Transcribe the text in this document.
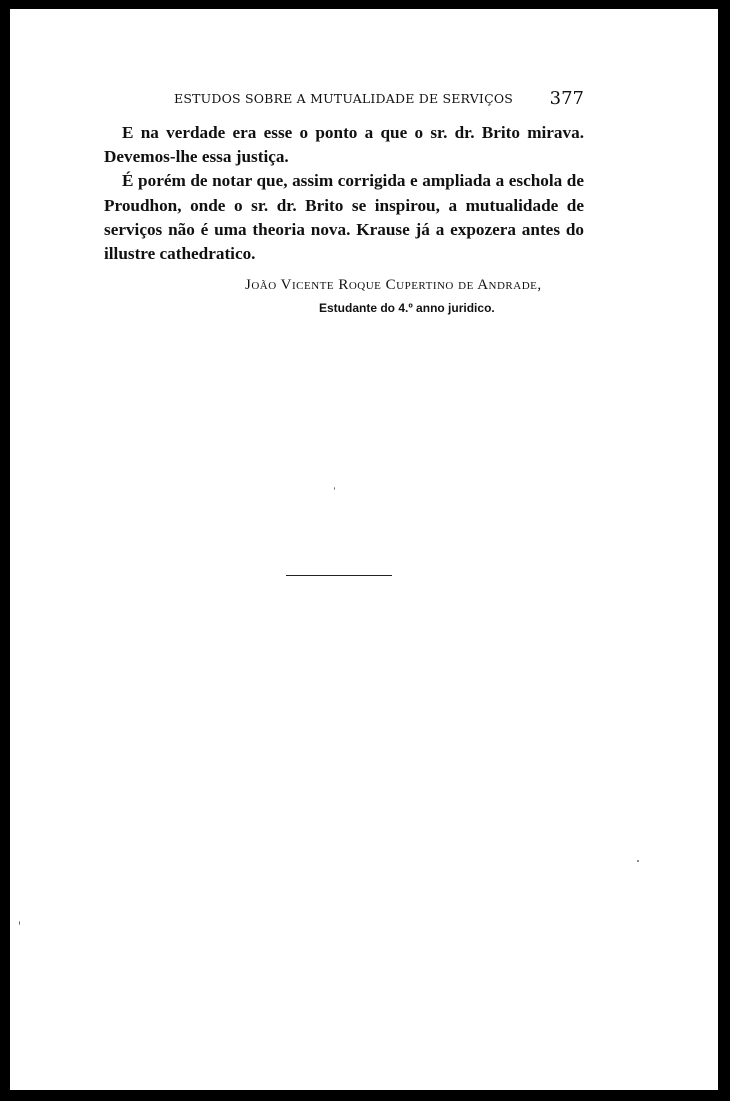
ESTUDOS SOBRE A MUTUALIDADE DE SERVIÇOS 377

E na verdade era esse o ponto a que o sr. dr. Brito mirava. Devemos-lhe essa justiça.

É porém de notar que, assim corrigida e ampliada a eschola de Proudhon, onde o sr. dr. Brito se inspirou, a mutualidade de serviços não é uma theoria nova. Krause já a expozera antes do illustre cathedratico.

João Vicente Roque Cupertino de Andrade,
Estudante do 4.º anno juridico.
